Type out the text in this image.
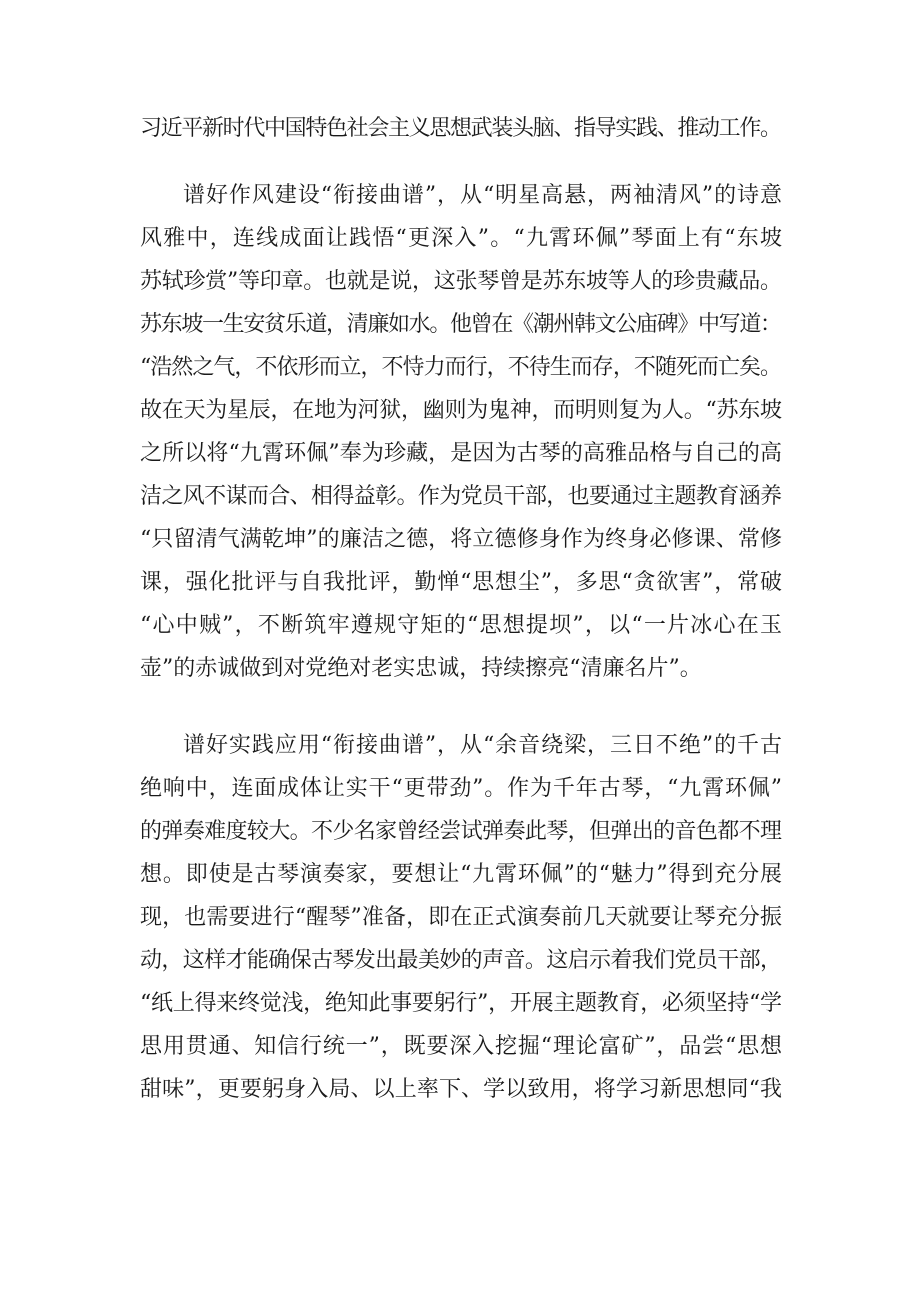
习近平新时代中国特色社会主义思想武装头脑、指导实践、推动工作。
谱好作风建设“衔接曲谱”，从“明星高悬，两袖清风”的诗意
风雅中，连线成面让践悟“更深入”。“九霄环佩”琴面上有“东坡
苏轼珍赏”等印章。也就是说，这张琴曾是苏东坡等人的珍贵藏品。
苏东坡一生安贫乐道，清廉如水。他曾在《潮州韩文公庙碑》中写道：
“浩然之气，不依形而立，不恃力而行，不待生而存，不随死而亡矣。
故在天为星辰，在地为河狱，幽则为鬼神，而明则复为人。“苏东坡
之所以将“九霄环佩”奉为珍藏，是因为古琴的高雅品格与自己的高
洁之风不谋而合、相得益彰。作为党员干部，也要通过主题教育涵养
“只留清气满乾坤”的廉洁之德，将立德修身作为终身必修课、常修
课，强化批评与自我批评，勤惮“思想尘”，多思“贪欲害”，常破
“心中贼”，不断筑牢遵规守矩的“思想提坝”，以“一片冰心在玉
壶”的赤诚做到对党绝对老实忠诚，持续擦亮“清廉名片”。
谱好实践应用“衔接曲谱”，从“余音绕梁，三日不绝”的千古
绝响中，连面成体让实干“更带劲”。作为千年古琴，“九霄环佩”
的弹奏难度较大。不少名家曾经尝试弹奏此琴，但弹出的音色都不理
想。即使是古琴演奏家，要想让“九霄环佩”的“魅力”得到充分展
现，也需要进行“醒琴”准备，即在正式演奏前几天就要让琴充分振
动，这样才能确保古琴发出最美妙的声音。这启示着我们党员干部，
“纸上得来终觉浅，绝知此事要躬行”，开展主题教育，必须坚持“学
思用贯通、知信行统一”，既要深入挖掘“理论富矿”，品尝“思想
甜味”，更要躬身入局、以上率下、学以致用，将学习新思想同“我
